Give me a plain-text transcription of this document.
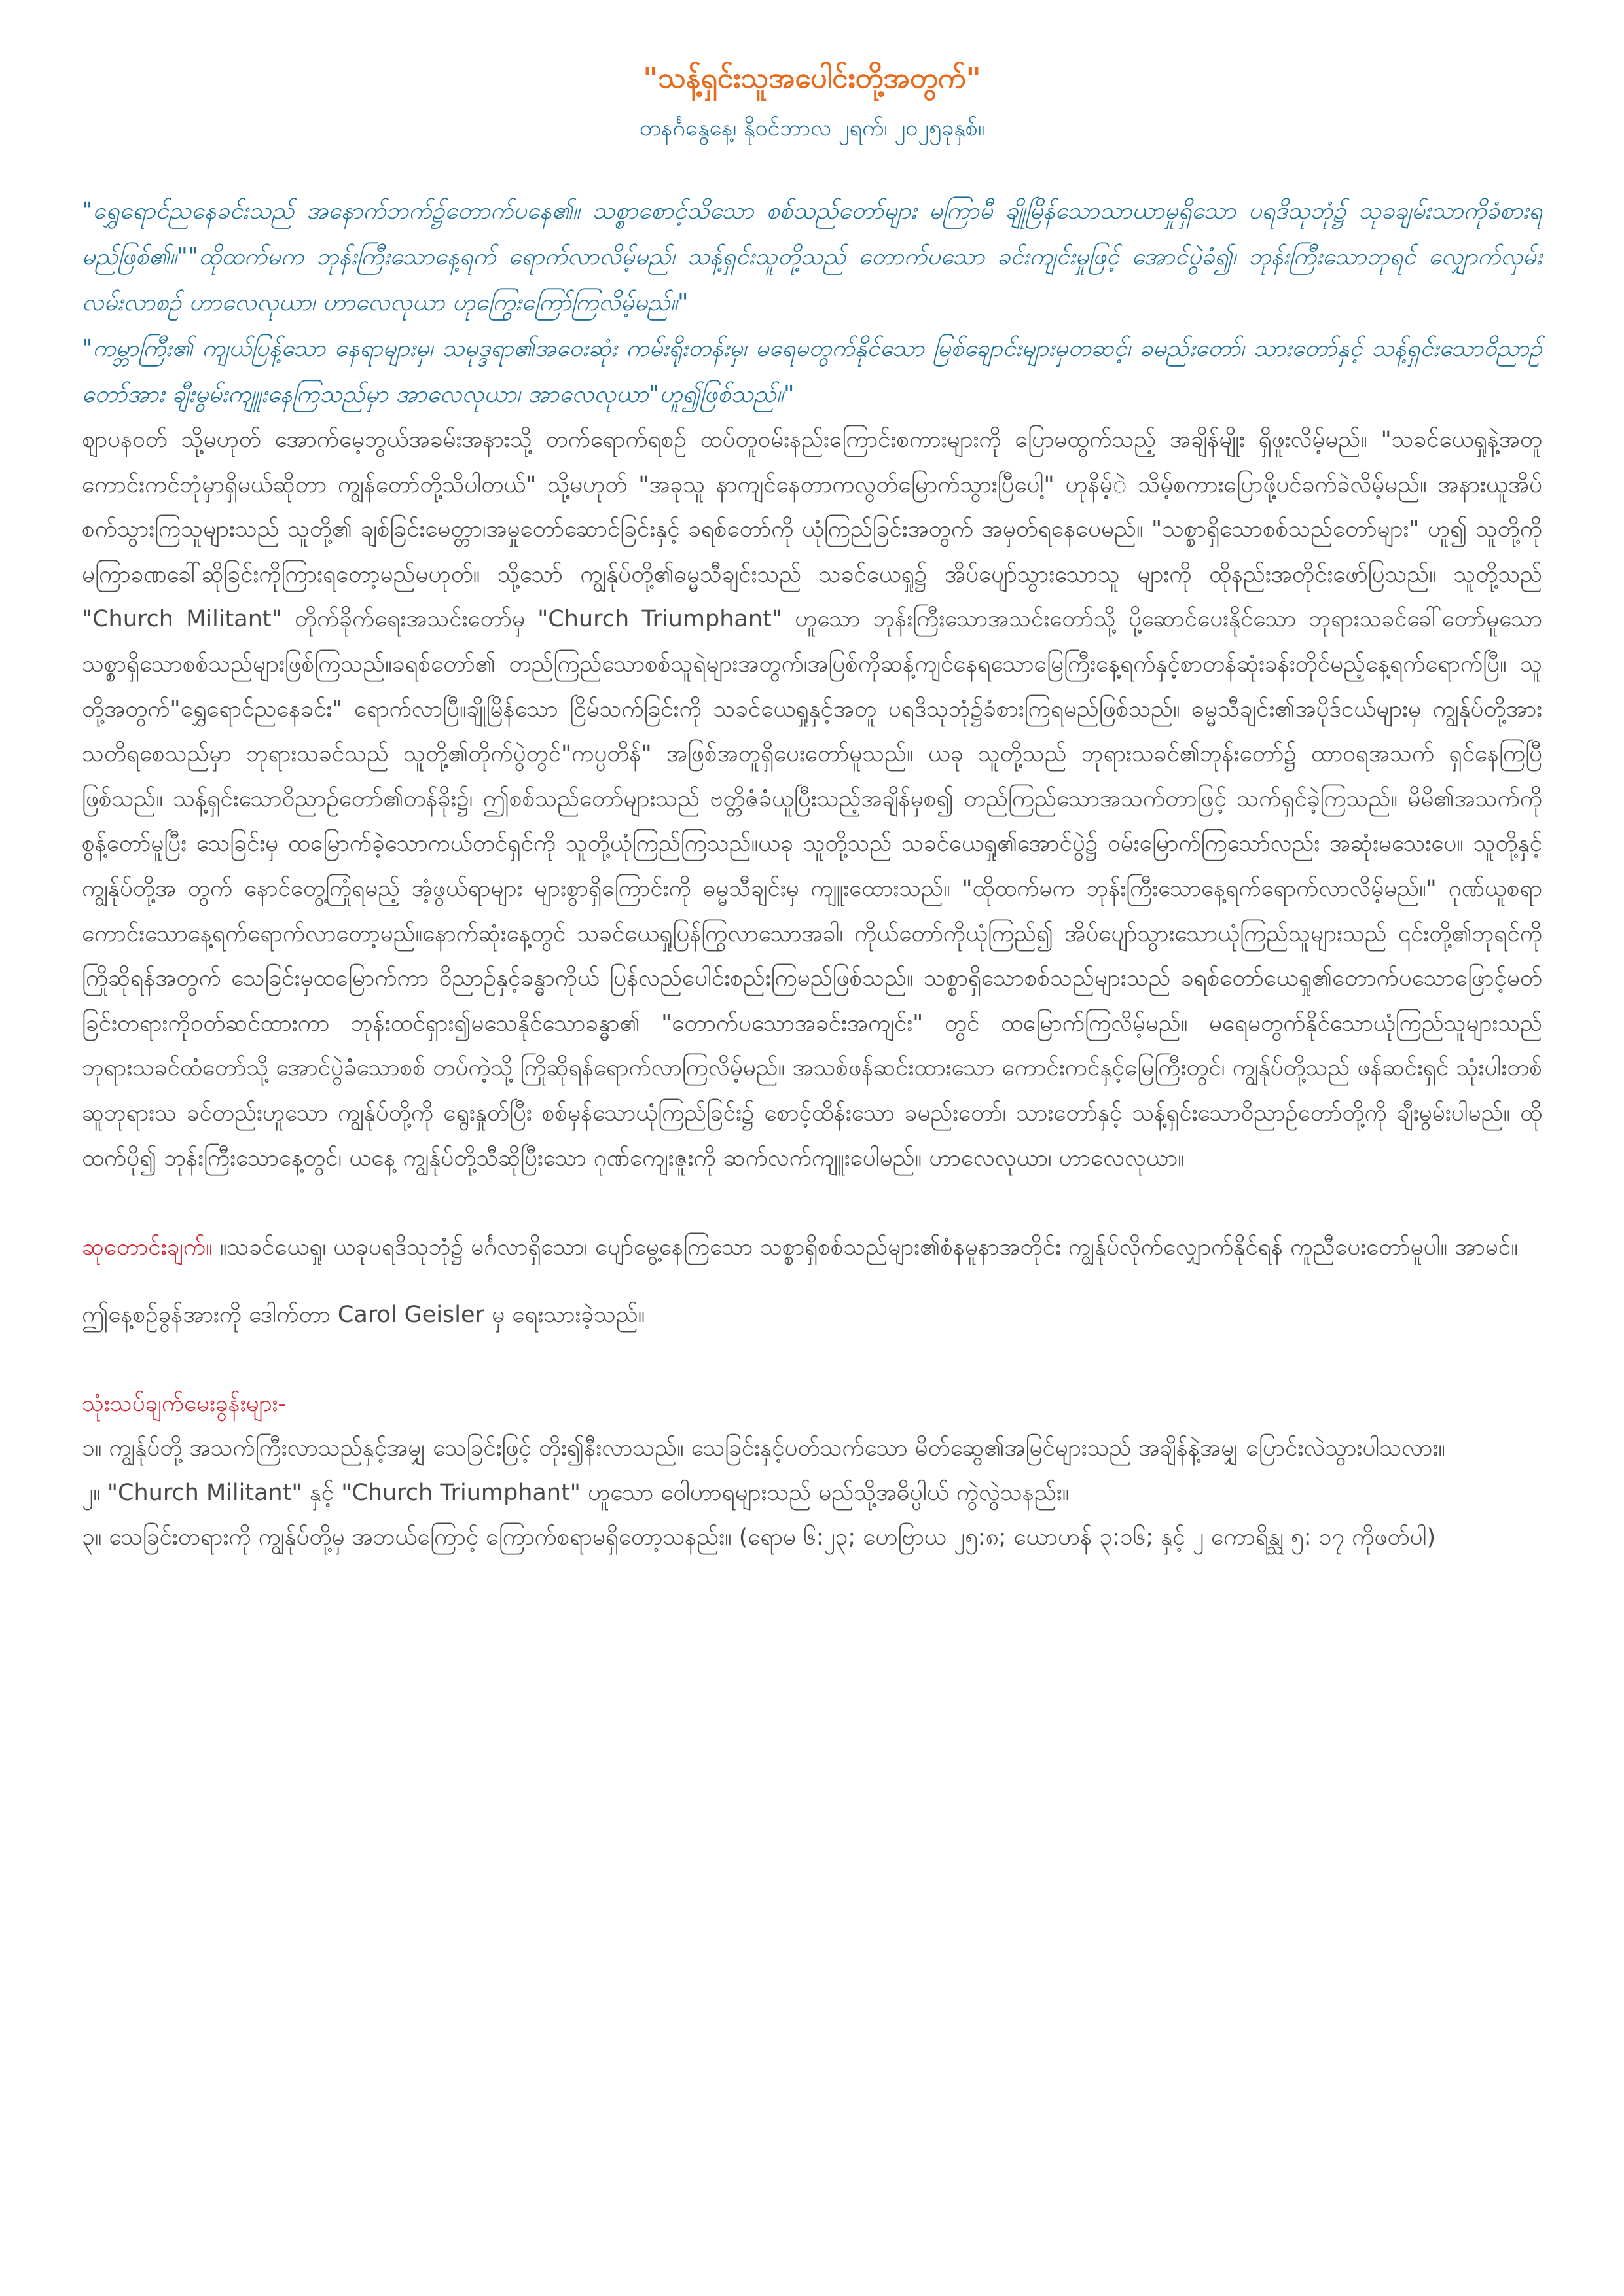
"သန့်ရှင်းသူအပေါင်းတို့အတွက်"
တနင်္ဂနွေနေ့၊ နိုဝင်ဘာလ ၂ရက်၊ ၂၀၂၅ခုနှစ်။

"ရွှေရောင်ညနေခင်းသည် အနောက်ဘက်၌တောက်ပနေ၏။ သစ္စာစောင့်သိသော စစ်သည်တော်များ မကြာမီ ချိုမြိန်သောသာယာမှုရှိသော ပရဒိသုဘုံ၌ သုခချမ်းသာကိုခံစားရမည်ဖြစ်၏။""ထိုထက်မက ဘုန်းကြီးသောနေ့ရက် ရောက်လာလိမ့်မည်၊ သန့်ရှင်းသူတို့သည် တောက်ပသော ခင်းကျင်းမှုဖြင့် အောင်ပွဲခံ၍၊ ဘုန်းကြီးသောဘုရင် လျှောက်လှမ်းလမ်းလာစဉ် ဟာလေလုယာ၊ ဟာလေလုယာ ဟုကြွေးကြော်ကြလိမ့်မည်။"

"ကမ္ဘာကြီး၏ ကျယ်ပြန့်သော နေရာများမှ၊ သမုဒ္ဒရာ၏အဝေးဆုံး ကမ်းရိုးတန်းမှ၊ မရေမတွက်နိုင်သော မြစ်ချောင်းများမှတဆင့်၊ ခမည်းတော်၊ သားတော်နှင့် သန့်ရှင်းသောဝိညာဉ်တော်အား ချီးမွမ်းကျူးနေကြသည်မှာ အာလေလုယာ၊ အာလေလုယာ"ဟူ၍ဖြစ်သည်။"

ဈာပနဝတ် သို့မဟုတ် အောက်မေ့ဘွယ်အခမ်းအနားသို့ တက်ရောက်ရစဉ် ထပ်တူဝမ်းနည်းကြောင်းစကားများကို ပြောမထွက်သည့် အချိန်မျိုး ရှိဖူးလိမ့်မည်။ "သခင်ယေရှုနဲ့အတူ ကောင်းကင်ဘုံမှာရှိမယ်ဆိုတာ ကျွန်တော်တို့သိပါတယ်" သို့မဟုတ် "အခုသူ နာကျင်နေတာကလွတ်မြောက်သွားပြီပေါ့" ဟုနိမ့်ဲ သိမ့်စကားပြောဖို့ပင်ခက်ခဲလိမ့်မည်။ အနားယူအိပ် စက်သွားကြသူများသည် သူတို့၏ ချစ်ခြင်းမေတ္တာ၊အမှုတော်ဆောင်ခြင်းနှင့် ခရစ်တော်ကို ယုံကြည်ခြင်းအတွက် အမှတ်ရနေပေမည်။ "သစ္စာရှိသောစစ်သည်တော်များ" ဟူ၍ သူတို့ကို မကြာခဏခေါ်ဆိုခြင်းကိုကြားရတော့မည်မဟုတ်။ သို့သော် ကျွန်ုပ်တို့၏ဓမ္မသီချင်းသည် သခင်ယေရှု၌ အိပ်ပျော်သွားသောသူ များကို ထိုနည်းအတိုင်းဖော်ပြသည်။ သူတို့သည် "Church Militant" တိုက်ခိုက်ရေးအသင်းတော်မှ "Church Triumphant" ဟူသော ဘုန်းကြီးသောအသင်းတော်သို့ ပို့ဆောင်ပေးနိုင်သော ဘုရားသခင်ခေါ်တော်မူသော သစ္စာရှိသောစစ်သည်များဖြစ်ကြသည်။ခရစ်တော်၏ တည်ကြည်သောစစ်သူရဲများအတွက်၊အပြစ်ကိုဆန့်ကျင်နေရသောမြေကြီးနေ့ရက်နှင့်စာတန်ဆုံးခန်းတိုင်မည့်နေ့ရက်ရောက်ပြီ။ သူတို့အတွက်"ရွှေရောင်ညနေခင်း" ရောက်လာပြီ။ချိုမြိန်သော ငြိမ်သက်ခြင်းကို သခင်ယေရှုနှင့်အတူ ပရဒိသုဘုံ၌ခံစားကြရမည်ဖြစ်သည်။ ဓမ္မသီချင်း၏အပိုဒ်ငယ်များမှ ကျွန်ုပ်တို့အား သတိရစေသည်မှာ ဘုရားသခင်သည် သူတို့၏တိုက်ပွဲတွင်"ကပ္ပတိန်" အဖြစ်အတူရှိပေးတော်မူသည်။ ယခု သူတို့သည် ဘုရားသခင်၏ဘုန်းတော်၌ ထာဝရအသက် ရှင်နေကြပြီဖြစ်သည်။ သန့်ရှင်းသောဝိညာဉ်တော်၏တန်ခိုး၌၊ ဤစစ်သည်တော်များသည် ဗတ္တိဇံခံယူပြီးသည့်အချိန်မှစ၍ တည်ကြည်သောအသက်တာဖြင့် သက်ရှင်ခဲ့ကြသည်။ မိမိ၏အသက်ကို စွန့်တော်မူပြီး သေခြင်းမှ ထမြောက်ခဲ့သောကယ်တင်ရှင်ကို သူတို့ယုံကြည်ကြသည်။ယခု သူတို့သည် သခင်ယေရှု၏အောင်ပွဲ၌ ဝမ်းမြောက်ကြသော်လည်း အဆုံးမသေးပေ။ သူတို့နှင့် ကျွန်ုပ်တို့အ တွက် နောင်တွေ့ကြုံရမည့် အံ့ဖွယ်ရာများ များစွာရှိကြောင်းကို ဓမ္မသီချင်းမှ ကျူးထေားသည်။ "ထိုထက်မက ဘုန်းကြီးသောနေ့ရက်ရောက်လာလိမ့်မည်။" ဂုဏ်ယူစရာကောင်းသောနေ့ရက်ရောက်လာတော့မည်။နောက်ဆုံးနေ့တွင် သခင်ယေရှုပြန်ကြွလာသောအခါ၊ ကိုယ်တော်ကိုယုံကြည်၍ အိပ်ပျော်သွားသောယုံကြည်သူများသည် ၎င်းတို့၏ဘုရင်ကို ကြိုဆိုရန်အတွက် သေခြင်းမှထမြောက်ကာ ဝိညာဉ်နှင့်ခန္ဓာကိုယ် ပြန်လည်ပေါင်းစည်းကြမည်ဖြစ်သည်။ သစ္စာရှိသောစစ်သည်များသည် ခရစ်တော်ယေရှု၏တောက်ပသောဖြောင့်မတ်ခြင်းတရားကိုဝတ်ဆင်ထားကာ ဘုန်းထင်ရှား၍မသေနိုင်သောခန္ဓာ၏ "တောက်ပသောအခင်းအကျင်း" တွင် ထမြောက်ကြလိမ့်မည်။ မရေမတွက်နိုင်သောယုံကြည်သူများသည် ဘုရားသခင်ထံတော်သို့ အောင်ပွဲခံသောစစ် တပ်ကဲ့သို့ ကြိုဆိုရန်ရောက်လာကြလိမ့်မည်။ အသစ်ဖန်ဆင်းထားသော ကောင်းကင်နှင့်မြေကြီးတွင်၊ ကျွန်ုပ်တို့သည် ဖန်ဆင်းရှင် သုံးပါးတစ်ဆူဘုရားသ ခင်တည်းဟူသော ကျွန်ုပ်တို့ကို ရွေးနှုတ်ပြီး စစ်မှန်သောယုံကြည်ခြင်း၌ စောင့်ထိန်းသော ခမည်းတော်၊ သားတော်နှင့် သန့်ရှင်းသောဝိညာဉ်တော်တို့ကို ချီးမွမ်းပါမည်။ ထိုထက်ပို၍ ဘုန်းကြီးသောနေ့တွင်၊ ယနေ့ ကျွန်ုပ်တို့သီဆိုပြီးသော ဂုဏ်ကျေးဇူးကို ဆက်လက်ကျူးပေါမည်။ ဟာလေလုယာ၊ ဟာလေလုယာ။

ဆုတောင်းချက်။ ။သခင်ယေရှု၊ ယခုပရဒိသုဘုံ၌ မင်္ဂလာရှိသော၊ ပျော်မွေ့နေကြသော သစ္စာရှိစစ်သည်များ၏စံနမူနာအတိုင်း ကျွန်ုပ်လိုက်လျှောက်နိုင်ရန် ကူညီပေးတော်မူပါ။ အာမင်။

ဤနေ့စဉ်ခွန်အားကို ဒေါက်တာ Carol Geisler မှ ရေးသားခဲ့သည်။

သုံးသပ်ချက်မေးခွန်းများ-

၁။ ကျွန်ုပ်တို့ အသက်ကြီးလာသည်နှင့်အမျှ သေခြင်းဖြင့် တိုး၍နီးလာသည်။ သေခြင်းနှင့်ပတ်သက်သော မိတ်ဆွေ၏အမြင်များသည် အချိန်နဲ့အမျှ ပြောင်းလဲသွားပါသလား။

၂။ "Church Militant" နှင့် "Church Triumphant" ဟူသော ဝေါဟာရများသည် မည်သို့အဓိပ္ပါယ် ကွဲလွဲသနည်း။

၃။ သေခြင်းတရားကို ကျွန်ုပ်တို့မှ အဘယ်ကြောင့် ကြောက်စရာမရှိတော့သနည်း။ (ရောမ ၆:၂၃; ဟေဗြာယ ၂၅:၈; ယောဟန် ၃:၁၆; နှင့် ၂ ကောရိန္သု ၅: ၁၇ ကိုဖတ်ပါ)
